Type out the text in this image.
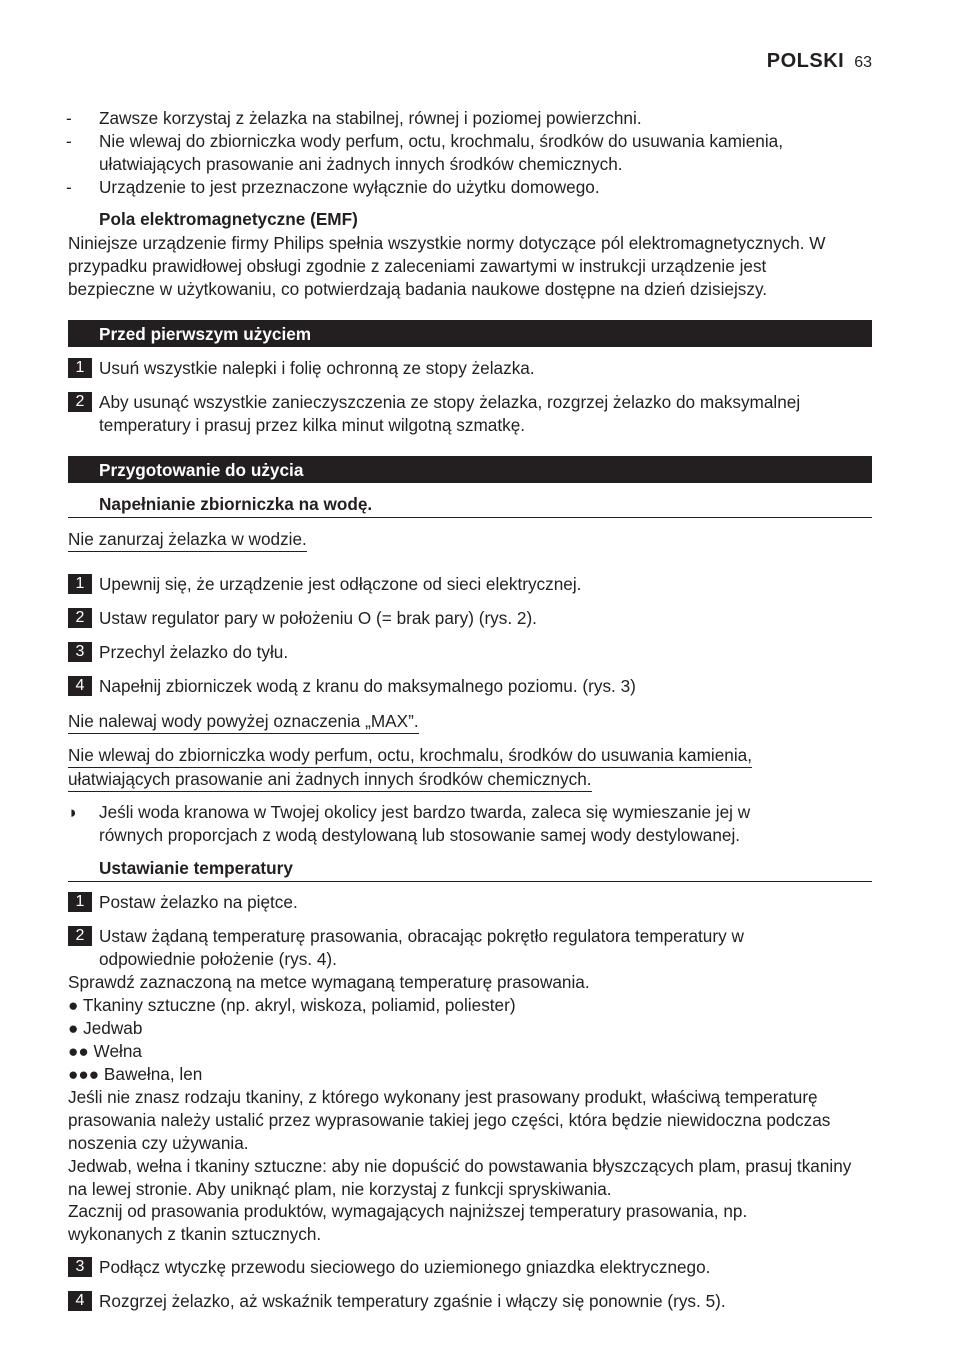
POLSKI 63
- Zawsze korzystaj z żelazka na stabilnej, równej i poziomej powierzchni.
- Nie wlewaj do zbiorniczka wody perfum, octu, krochmalu, środków do usuwania kamienia,
ułatwiających prasowanie ani żadnych innych środków chemicznych.
- Urządzenie to jest przeznaczone wyłącznie do użytku domowego.
Pola elektromagnetyczne (EMF)
Niniejsze urządzenie firmy Philips spełnia wszystkie normy dotyczące pól elektromagnetycznych. W
przypadku prawidłowej obsługi zgodnie z zaleceniami zawartymi w instrukcji urządzenie jest
bezpieczne w użytkowaniu, co potwierdzają badania naukowe dostępne na dzień dzisiejszy.
Przed pierwszym użyciem
1 Usuń wszystkie nalepki i folię ochronną ze stopy żelazka.
2 Aby usunąć wszystkie zanieczyszczenia ze stopy żelazka, rozgrzej żelazko do maksymalnej
temperatury i prasuj przez kilka minut wilgotną szmatkę.
Przygotowanie do użycia
Napełnianie zbiorniczka na wodę.
Nie zanurzaj żelazka w wodzie.
1 Upewnij się, że urządzenie jest odłączone od sieci elektrycznej.
2 Ustaw regulator pary w położeniu O (= brak pary) (rys. 2).
3 Przechyl żelazko do tyłu.
4 Napełnij zbiorniczek wodą z kranu do maksymalnego poziomu. (rys. 3)
Nie nalewaj wody powyżej oznaczenia „MAX”.
Nie wlewaj do zbiorniczka wody perfum, octu, krochmalu, środków do usuwania kamienia,
ułatwiających prasowanie ani żadnych innych środków chemicznych.
◗ Jeśli woda kranowa w Twojej okolicy jest bardzo twarda, zaleca się wymieszanie jej w
równych proporcjach z wodą destylowaną lub stosowanie samej wody destylowanej.
Ustawianie temperatury
1 Postaw żelazko na piętce.
2 Ustaw żądaną temperaturę prasowania, obracając pokrętło regulatora temperatury w
odpowiednie położenie (rys. 4).
Sprawdź zaznaczoną na metce wymaganą temperaturę prasowania.
● Tkaniny sztuczne (np. akryl, wiskoza, poliamid, poliester)
● Jedwab
●● Wełna
●●● Bawełna, len
Jeśli nie znasz rodzaju tkaniny, z którego wykonany jest prasowany produkt, właściwą temperaturę
prasowania należy ustalić przez wyprasowanie takiej jego części, która będzie niewidoczna podczas
noszenia czy używania.
Jedwab, wełna i tkaniny sztuczne: aby nie dopuścić do powstawania błyszczących plam, prasuj tkaniny
na lewej stronie. Aby uniknąć plam, nie korzystaj z funkcji spryskiwania.
Zacznij od prasowania produktów, wymagających najniższej temperatury prasowania, np.
wykonanych z tkanin sztucznych.
3 Podłącz wtyczkę przewodu sieciowego do uziemionego gniazdka elektrycznego.
4 Rozgrzej żelazko, aż wskaźnik temperatury zgaśnie i włączy się ponownie (rys. 5).
